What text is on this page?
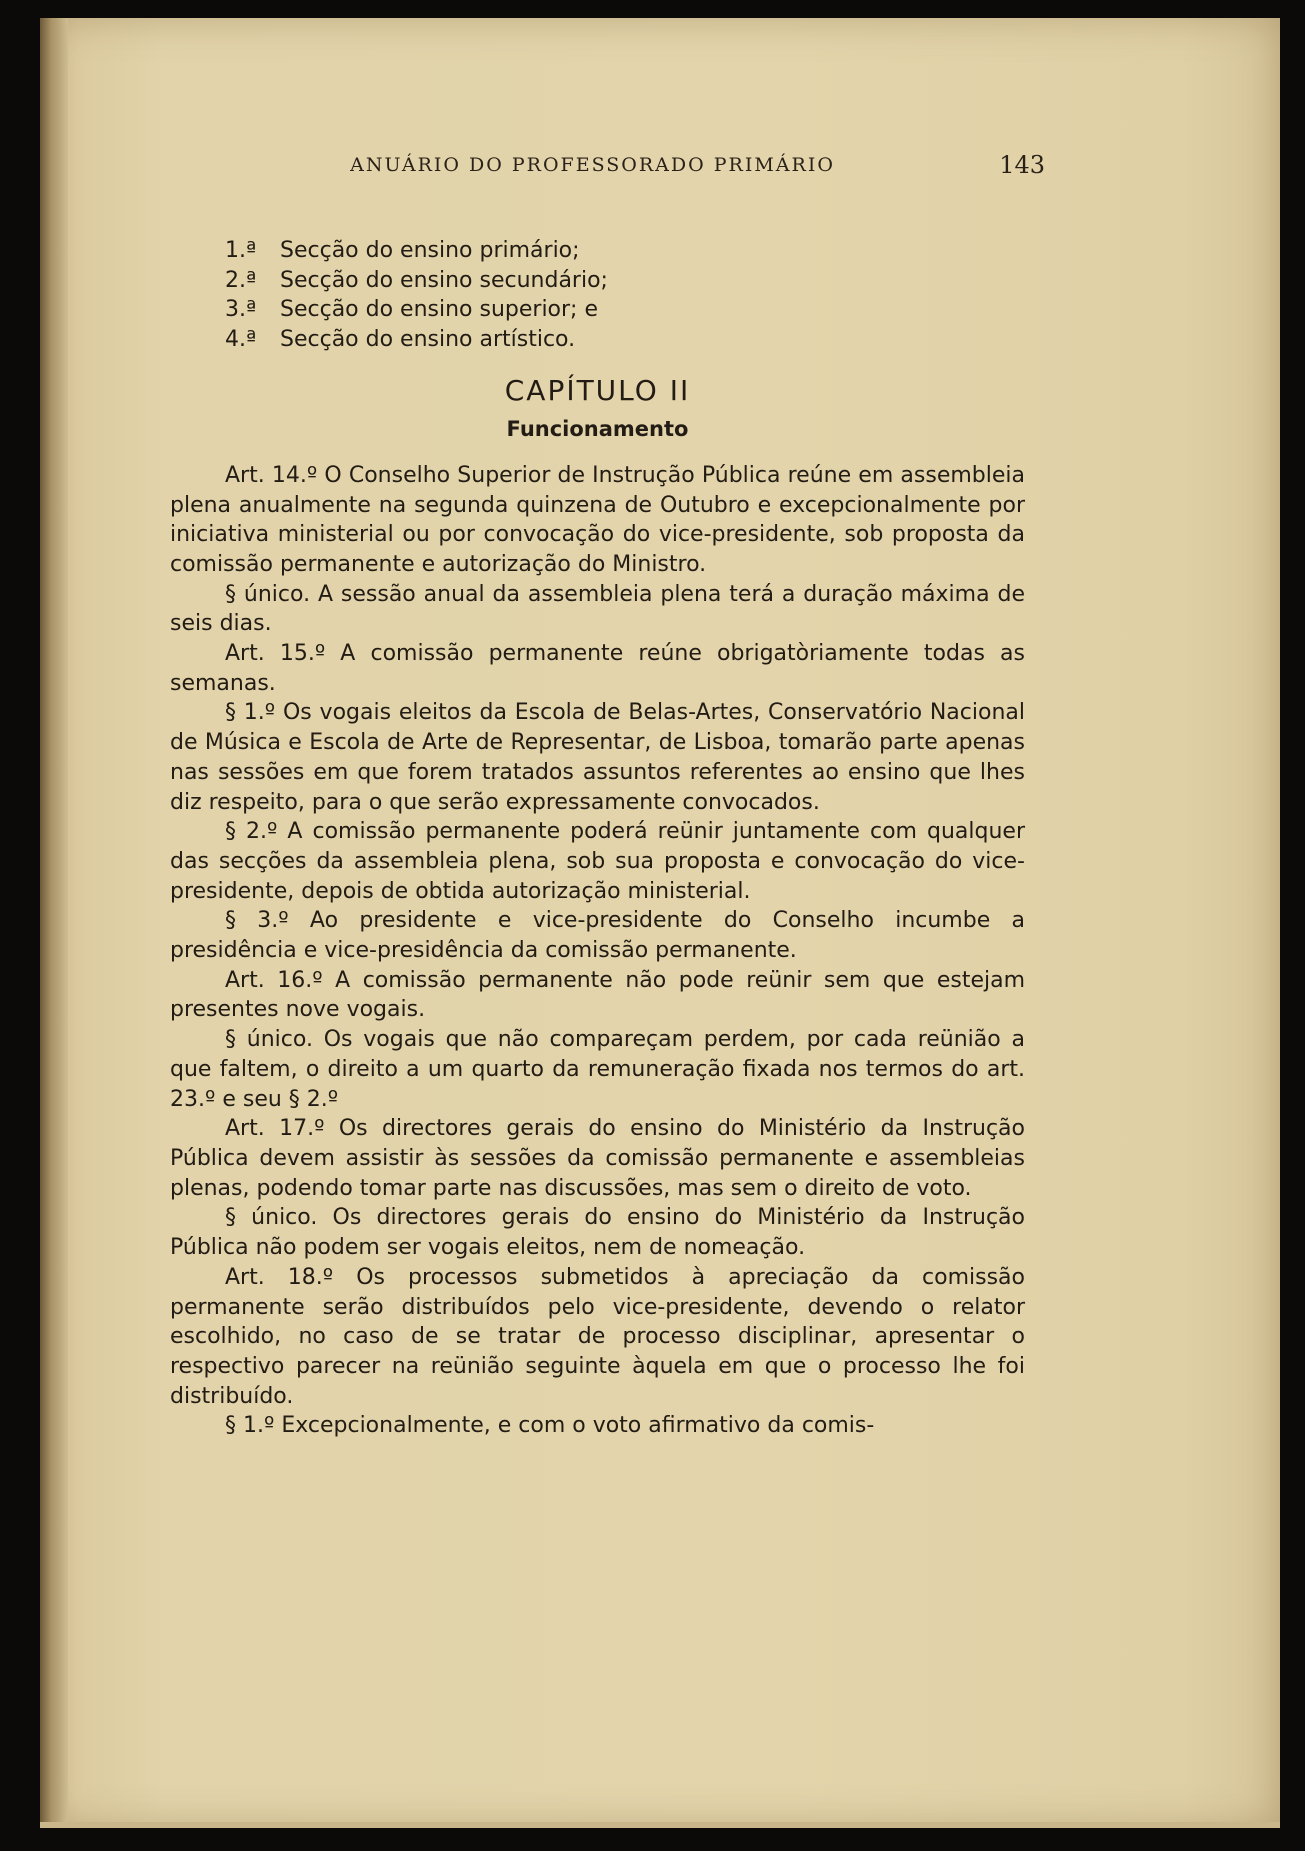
ANUÁRIO DO PROFESSORADO PRIMÁRIO	143
1.ª Secção do ensino primário;
2.ª Secção do ensino secundário;
3.ª Secção do ensino superior; e
4.ª Secção do ensino artístico.
CAPÍTULO II
Funcionamento

Art. 14.º O Conselho Superior de Instrução Pública reúne em assembleia plena anualmente na segunda quinzena de Outubro e excepcionalmente por iniciativa ministerial ou por convocação do vice-presidente, sob proposta da comissão permanente e autorização do Ministro.

§ único. A sessão anual da assembleia plena terá a duração máxima de seis dias.

Art. 15.º A comissão permanente reúne obrigatòriamente todas as semanas.

§ 1.º Os vogais eleitos da Escola de Belas-Artes, Conservatório Nacional de Música e Escola de Arte de Representar, de Lisboa, tomarão parte apenas nas sessões em que forem tratados assuntos referentes ao ensino que lhes diz respeito, para o que serão expressamente convocados.

§ 2.º A comissão permanente poderá reünir juntamente com qualquer das secções da assembleia plena, sob sua proposta e convocação do vice-presidente, depois de obtida autorização ministerial.

§ 3.º Ao presidente e vice-presidente do Conselho incumbe a presidência e vice-presidência da comissão permanente.

Art. 16.º A comissão permanente não pode reünir sem que estejam presentes nove vogais.

§ único. Os vogais que não compareçam perdem, por cada reünião a que faltem, o direito a um quarto da remuneração fixada nos termos do art. 23.º e seu § 2.º

Art. 17.º Os directores gerais do ensino do Ministério da Instrução Pública devem assistir às sessões da comissão permanente e assembleias plenas, podendo tomar parte nas discussões, mas sem o direito de voto.

§ único. Os directores gerais do ensino do Ministério da Instrução Pública não podem ser vogais eleitos, nem de nomeação.

Art. 18.º Os processos submetidos à apreciação da comissão permanente serão distribuídos pelo vice-presidente, devendo o relator escolhido, no caso de se tratar de processo disciplinar, apresentar o respectivo parecer na reünião seguinte àquela em que o processo lhe foi distribuído.

§ 1.º Excepcionalmente, e com o voto afirmativo da comis-
